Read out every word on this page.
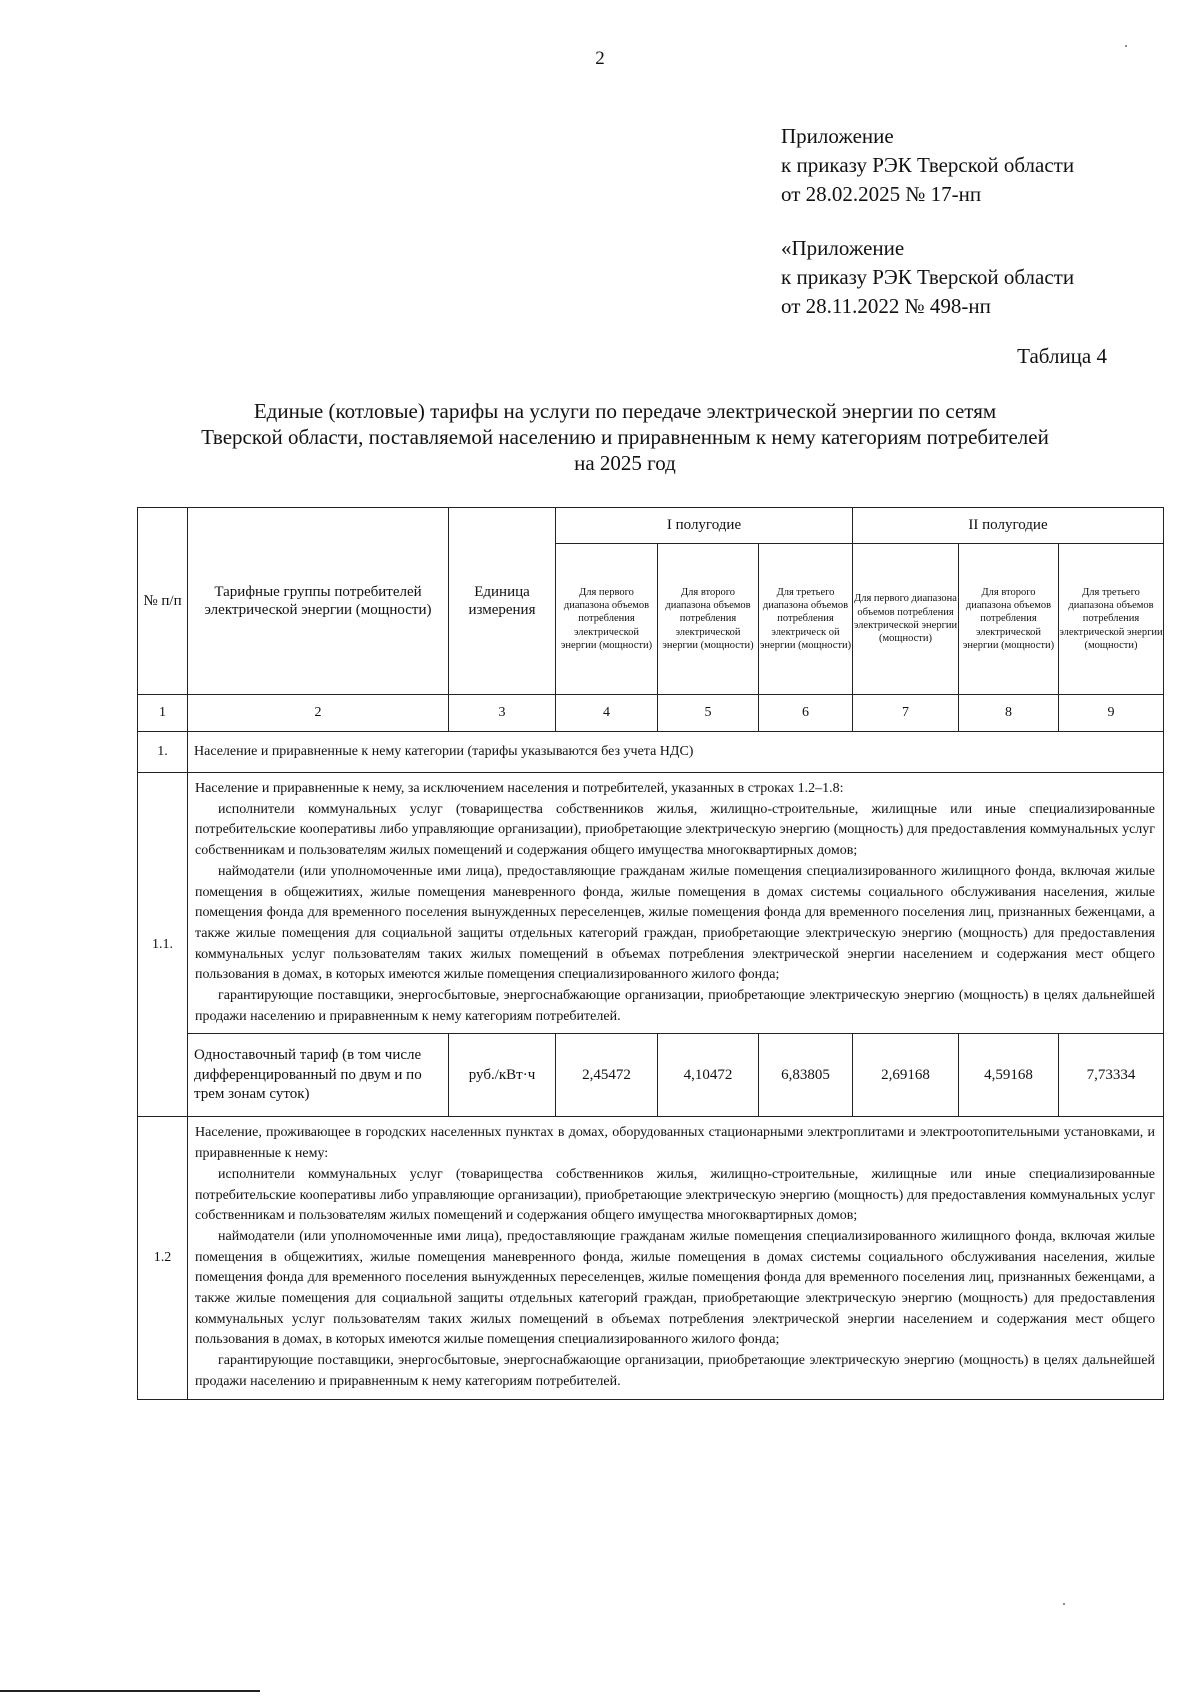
2
Приложение
к приказу РЭК Тверской области
от 28.02.2025 № 17-нп
«Приложение
к приказу РЭК Тверской области
от 28.11.2022 № 498-нп
Таблица 4
Единые (котловые) тарифы на услуги по передаче электрической энергии по сетям
Тверской области, поставляемой населению и приравненным к нему категориям потребителей
на 2025 год
№ п/п	Тарифные группы потребителей электрической энергии (мощности)	Единица измерения	I полугодие			II полугодие		
			Для первого диапазона объемов потребления электрической энергии (мощности)	Для второго диапазона объемов потребления электрической энергии (мощности)	Для третьего диапазона объемов потребления электрическ ой энергии (мощности)	Для первого диапазона объемов потребления электрической энергии (мощности)	Для второго диапазона объемов потребления электрической энергии (мощности)	Для третьего диапазона объемов потребления электрической энергии (мощности)
1	2	3	4	5	6	7	8	9
1.	Население и приравненные к нему категории (тарифы указываются без учета НДС)							
1.1.	Население и приравненные к нему, за исключением населения и потребителей, указанных в строках 1.2–1.8:

исполнители коммунальных услуг (товарищества собственников жилья, жилищно-строительные, жилищные или иные специализированные потребительские кооперативы либо управляющие организации), приобретающие электрическую энергию (мощность) для предоставления коммунальных услуг собственникам и пользователям жилых помещений и содержания общего имущества многоквартирных домов;

наймодатели (или уполномоченные ими лица), предоставляющие гражданам жилые помещения специализированного жилищного фонда, включая жилые помещения в общежитиях, жилые помещения маневренного фонда, жилые помещения в домах системы социального обслуживания населения, жилые помещения фонда для временного поселения вынужденных переселенцев, жилые помещения фонда для временного поселения лиц, признанных беженцами, а также жилые помещения для социальной защиты отдельных категорий граждан, приобретающие электрическую энергию (мощность) для предоставления коммунальных услуг пользователям таких жилых помещений в объемах потребления электрической энергии населением и содержания мест общего пользования в домах, в которых имеются жилые помещения специализированного жилого фонда;

гарантирующие поставщики, энергосбытовые, энергоснабжающие организации, приобретающие электрическую энергию (мощность) в целях дальнейшей продажи населению и приравненным к нему категориям потребителей.							

	Одноставочный тариф (в том числе дифференцированный по двум и по трем зонам суток)	руб./кВт·ч	2,45472	4,10472	6,83805	2,69168	4,59168	7,73334
1.2	Население, проживающее в городских населенных пунктах в домах, оборудованных стационарными электроплитами и электроотопительными установками, и приравненные к нему:

исполнители коммунальных услуг (товарищества собственников жилья, жилищно-строительные, жилищные или иные специализированные потребительские кооперативы либо управляющие организации), приобретающие электрическую энергию (мощность) для предоставления коммунальных услуг собственникам и пользователям жилых помещений и содержания общего имущества многоквартирных домов;

наймодатели (или уполномоченные ими лица), предоставляющие гражданам жилые помещения специализированного жилищного фонда, включая жилые помещения в общежитиях, жилые помещения маневренного фонда, жилые помещения в домах системы социального обслуживания населения, жилые помещения фонда для временного поселения вынужденных переселенцев, жилые помещения фонда для временного поселения лиц, признанных беженцами, а также жилые помещения для социальной защиты отдельных категорий граждан, приобретающие электрическую энергию (мощность) для предоставления коммунальных услуг пользователям таких жилых помещений в объемах потребления электрической энергии населением и содержания мест общего пользования в домах, в которых имеются жилые помещения специализированного жилого фонда;

гарантирующие поставщики, энергосбытовые, энергоснабжающие организации, приобретающие электрическую энергию (мощность) в целях дальнейшей продажи населению и приравненным к нему категориям потребителей.							
